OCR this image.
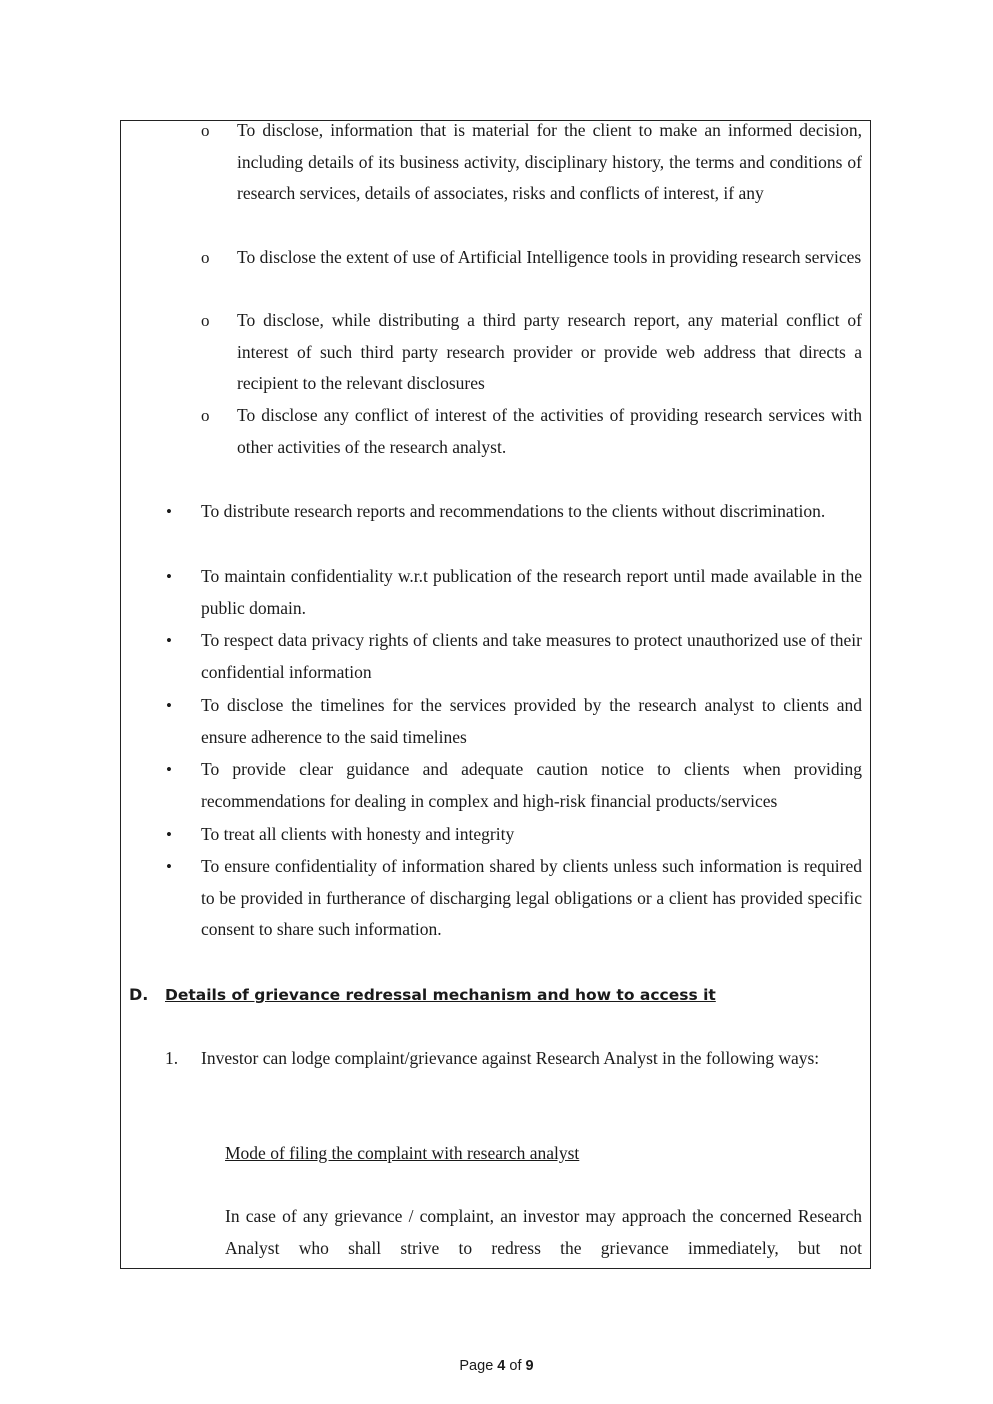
o To disclose, information that is material for the client to make an informed decision, including details of its business activity, disciplinary history, the terms and conditions of research services, details of associates, risks and conflicts of interest, if any
o To disclose the extent of use of Artificial Intelligence tools in providing research services
o To disclose, while distributing a third party research report, any material conflict of interest of such third party research provider or provide web address that directs a recipient to the relevant disclosures
o To disclose any conflict of interest of the activities of providing research services with other activities of the research analyst.
• To distribute research reports and recommendations to the clients without discrimination.
• To maintain confidentiality w.r.t publication of the research report until made available in the public domain.
• To respect data privacy rights of clients and take measures to protect unauthorized use of their confidential information
• To disclose the timelines for the services provided by the research analyst to clients and ensure adherence to the said timelines
• To provide clear guidance and adequate caution notice to clients when providing recommendations for dealing in complex and high-risk financial products/services
• To treat all clients with honesty and integrity
• To ensure confidentiality of information shared by clients unless such information is required to be provided in furtherance of discharging legal obligations or a client has provided specific consent to share such information.
D. Details of grievance redressal mechanism and how to access it
1. Investor can lodge complaint/grievance against Research Analyst in the following ways:
Mode of filing the complaint with research analyst
In case of any grievance / complaint, an investor may approach the concerned Research Analyst who shall strive to redress the grievance immediately, but not
Page 4 of 9
